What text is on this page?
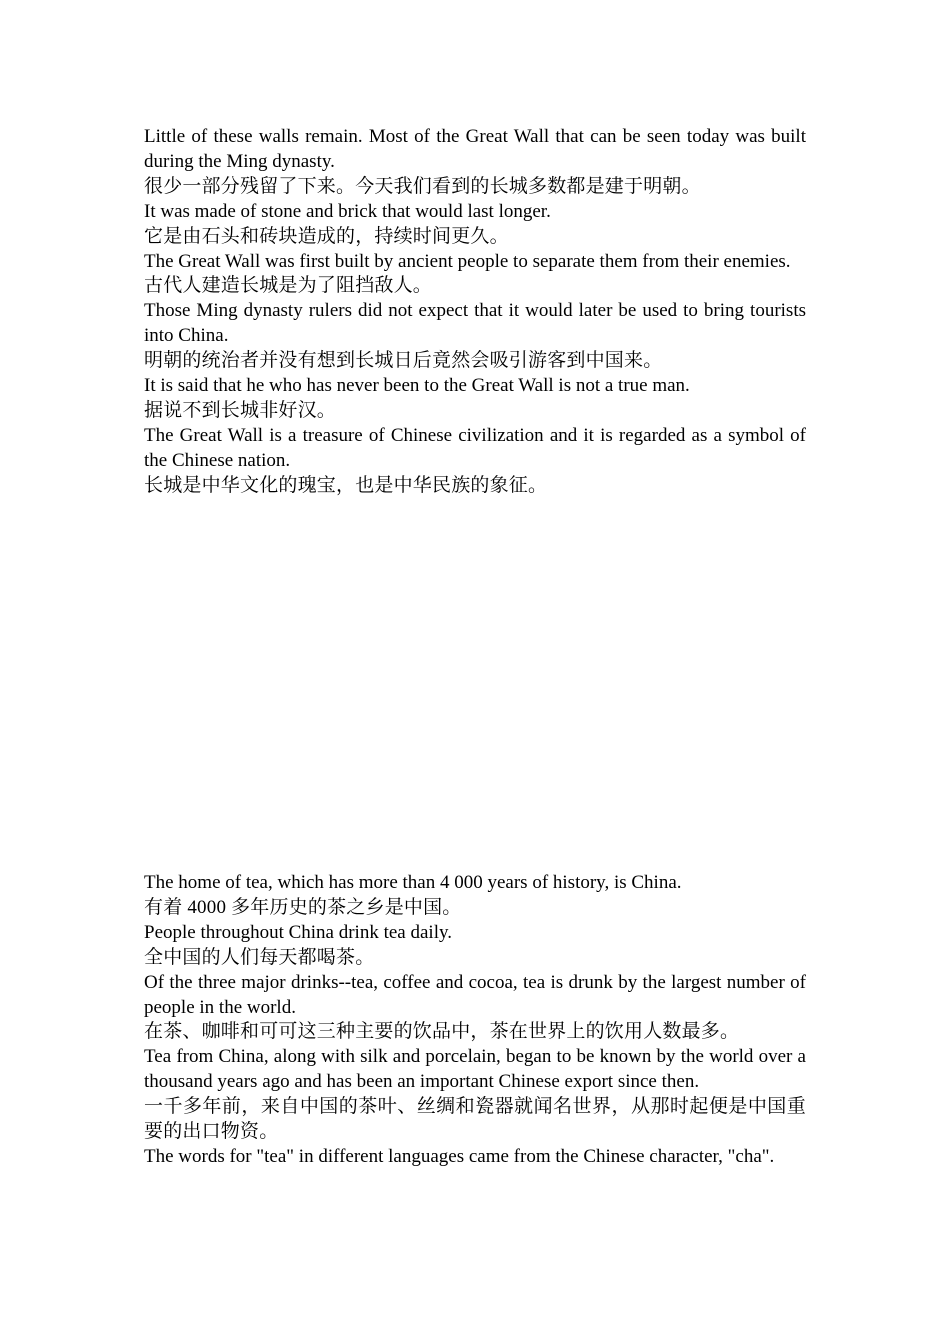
Little of these walls remain. Most of the Great Wall that can be seen today was built during the Ming dynasty.

很少一部分残留了下来。今天我们看到的长城多数都是建于明朝。

It was made of stone and brick that would last longer.

它是由石头和砖块造成的，持续时间更久。

The Great Wall was first built by ancient people to separate them from their enemies.

古代人建造长城是为了阻挡敌人。

Those Ming dynasty rulers did not expect that it would later be used to bring tourists into China.

明朝的统治者并没有想到长城日后竟然会吸引游客到中国来。

It is said that he who has never been to the Great Wall is not a true man.

据说不到长城非好汉。

The Great Wall is a treasure of Chinese civilization and it is regarded as a symbol of the Chinese nation.

长城是中华文化的瑰宝，也是中华民族的象征。

The home of tea, which has more than 4 000 years of history, is China.

有着 4000 多年历史的茶之乡是中国。

People throughout China drink tea daily.

全中国的人们每天都喝茶。

Of the three major drinks--tea, coffee and cocoa, tea is drunk by the largest number of people in the world.

在茶、咖啡和可可这三种主要的饮品中，茶在世界上的饮用人数最多。

Tea from China, along with silk and porcelain, began to be known by the world over a thousand years ago and has been an important Chinese export since then.

一千多年前，来自中国的茶叶、丝绸和瓷器就闻名世界，从那时起便是中国重要的出口物资。

The words for "tea" in different languages came from the Chinese character, "cha".
